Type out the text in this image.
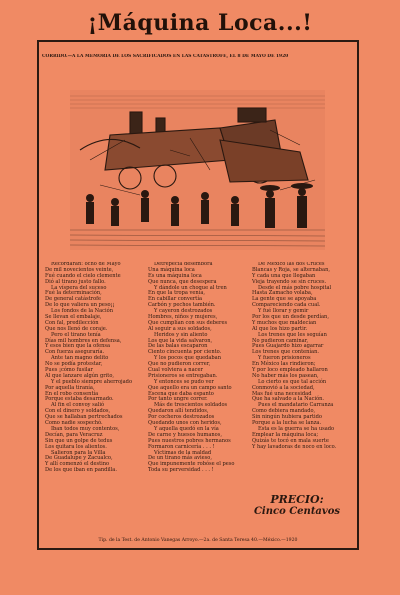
¡Máquina Loca...!
CORRIDO.—A LA MEMORIA DE LOS SACRIFICADOS EN LAS CATASTROFE, EL 8 DE MAYO DE 1920
Recordáran: ocho de Mayo
De mil novecientos veinte,
Fué cuando el cielo clemente
Dió al tirano justo fallo.
La víspera del suceso
Fué la determinación,
De general catástrofe
De lo que valiera un peso¡¡
Los fondos de la Nación
Se llevan el embalaje,
Con fal, predilección
Que nos llenó de coraje.
Pero el tirano tenía
Días mil hombres en defensa,
Y esos bien que la ofensa
Con fuerza aseguraría.
Ante tan magno delito
No se podía protestar,
Pues ¡cómo fusilar
Al que lanzare algún grito,
Y el pueblo siempre aherrojado
Por aquella tiranía,
En el robo consentía
Porque estaba desarmado.
Al fin el convoy salió
Con el dinero y soldados,
Que se hallaban pertrechados
Como nadie sospechó.
Iban todos muy contentos,
Decían, para Veracruz
Sin que un golpe de tedus
Los quitara los alientos.
Salieron para la Villa
De Guadalupe y Zacualco,
Y allí comenzó el destino
De los que iban en pandilla.
Detrepecía desembora
Una máquina loca
Es una máquina loca
Que nunca, que desespera
Y dándole un choque al tren
En que la tropa venía,
En cabillar convertía
Carbón y pechos también.
Y cayeron destrozados
Hombres, niños y mujeres,
Que cumplían con sus deberes
Al seguir a sus soldados,
Heridos y sin aliento
Los que la vida salvaron,
De las balas escaparon
Ciento cincuenta por ciento.
Y los pocos que quedaban
Que no pudieron correr,
Cual volviera a nacer
Prisioneros se entregaban.
Y entonces se pudo ver
Que aquello era un campo santo
Escena que daba espanto
Por tanto ungre correr.
Más de trescientos soldados
Quedaron allí tendidos,
Por cocheros destrozados
Quedando unos con heridos,
Y aquella quedó en la vía
De carne y huesos humanos,
Pues nuestros pobres hermanos
Formaron carnicería . . . !
Víctimas de la maldad
De un tirano más avieso,
Que impunemente robóse el peso
Toda su perversidad . . . !
De México las dos Cruces
Blancas y Roja, se alternaban,
Y cada una que llegaban
Vieja trayendo se sin cruces.
Desde el más pobre hospital
Hasta Zamacho volaba,
La gente que se apoyaba
Compareciendo cada cual.
Y fué llorar y gemir
Por los que un desde perdían,
Y muchos que maldecían
Al que los hizo partir.
Los trenes que les seguían
No pudieron caminar,
Pues Guajardo hizo agarrar
Los trenes que contenían.
Y fueron prisioneros
En México las rindieron;
Y por loco empleado hallaron
No haber más los pasean,
Lo cierto es que tal acción
Conmovió a la sociedad,
Mas fué una necesidad
Que ha salvado a la Nación.
Pues el mandatario Carranza
Como debiera mandado,
Sin ningún hubiera partido
Porque a la lucha se lanza.
Esta es la guerra se ha usado
Emplear la máquina loca;
Quizás te tocó en mala suerte
Y hay lavadoras de noco en loco.
PRECIO:
Cinco Centavos
Tip. de la Test. de Antonio Vanegas Arroyo.—2a. de Santa Teresa 40.—México.—1920
